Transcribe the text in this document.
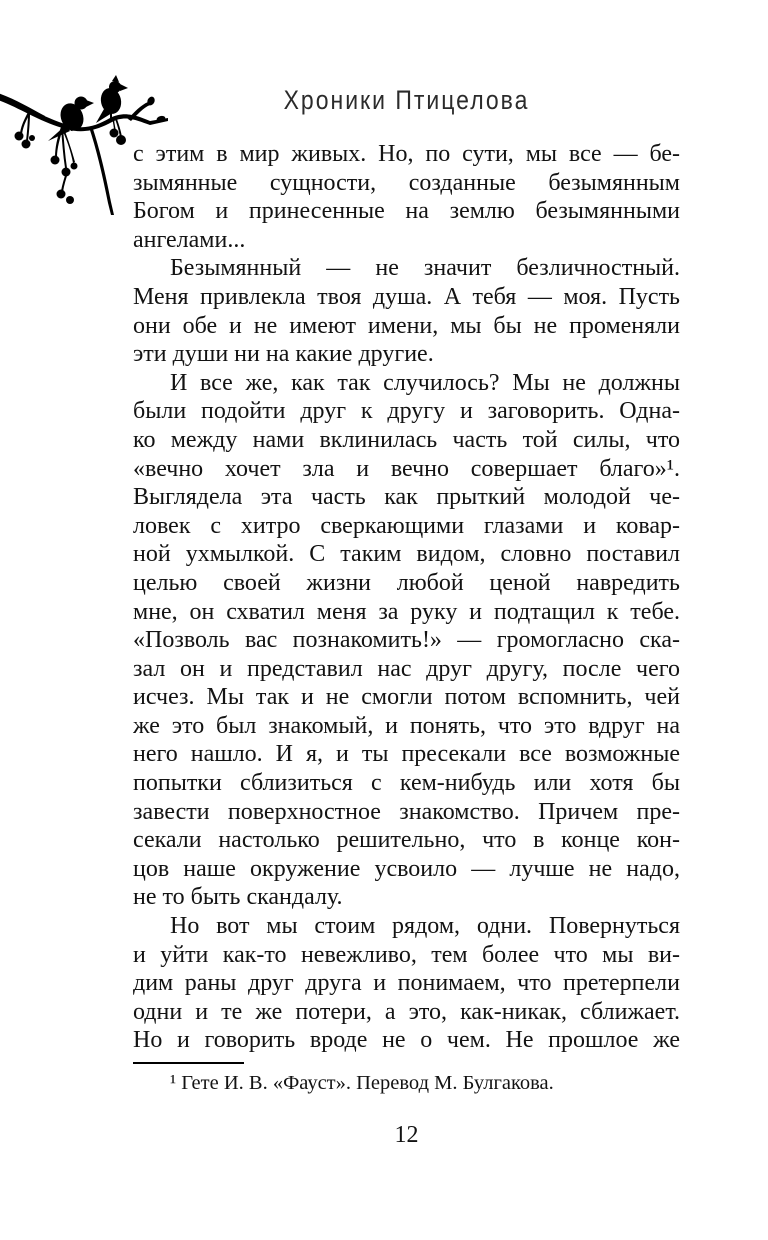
Хроники Птицелова
с этим в мир живых. Но, по сути, мы все — бе-
зымянные сущности, созданные безымянным
Богом и принесенные на землю безымянными
ангелами...
Безымянный — не значит безличностный.
Меня привлекла твоя душа. А тебя — моя. Пусть
они обе и не имеют имени, мы бы не променяли
эти души ни на какие другие.
И все же, как так случилось? Мы не должны
были подойти друг к другу и заговорить. Одна-
ко между нами вклинилась часть той силы, что
«вечно хочет зла и вечно совершает благо»¹.
Выглядела эта часть как прыткий молодой че-
ловек с хитро сверкающими глазами и ковар-
ной ухмылкой. С таким видом, словно поставил
целью своей жизни любой ценой навредить
мне, он схватил меня за руку и подтащил к тебе.
«Позволь вас познакомить!» — громогласно ска-
зал он и представил нас друг другу, после чего
исчез. Мы так и не смогли потом вспомнить, чей
же это был знакомый, и понять, что это вдруг на
него нашло. И я, и ты пресекали все возможные
попытки сблизиться с кем-нибудь или хотя бы
завести поверхностное знакомство. Причем пре-
секали настолько решительно, что в конце кон-
цов наше окружение усвоило — лучше не надо,
не то быть скандалу.
Но вот мы стоим рядом, одни. Повернуться
и уйти как-то невежливо, тем более что мы ви-
дим раны друг друга и понимаем, что претерпели
одни и те же потери, а это, как-никак, сближает.
Но и говорить вроде не о чем. Не прошлое же
¹ Гете И. В. «Фауст». Перевод М. Булгакова.
12
